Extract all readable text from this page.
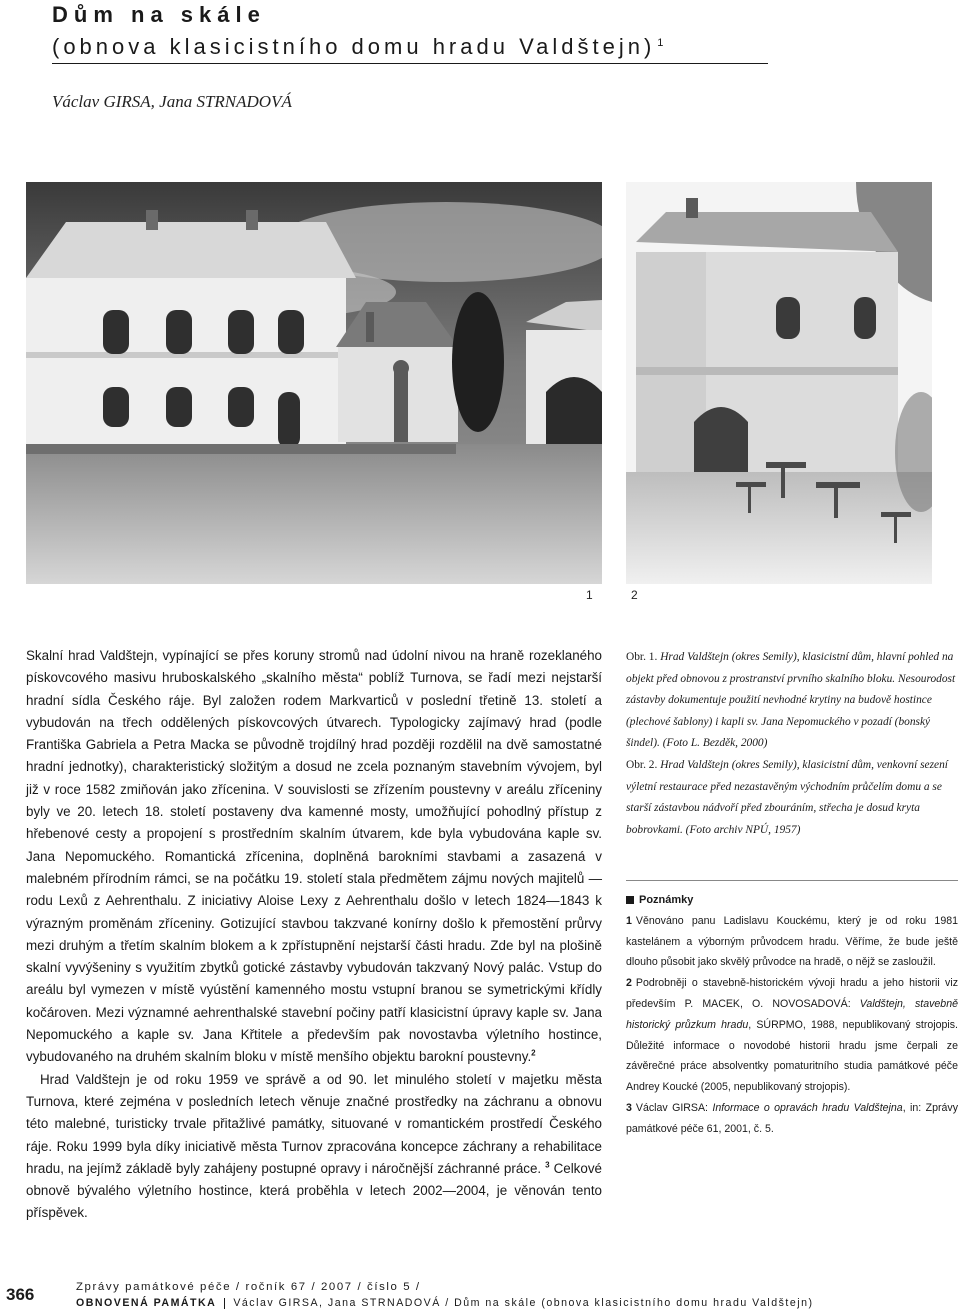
Dům na skále
(obnova klasicistního domu hradu Valdštejn) $^1$
Václav GIRSA, Jana STRNADOVÁ
1	2

Skalní hrad Valdštejn, vypínající se přes koruny stromů nad údolní nivou na hraně rozeklaného pískovcového masivu hruboskalského „skalního města“ poblíž Turnova, se řadí mezi nejstarší hradní sídla Českého ráje. Byl založen rodem Markvarticů v poslední třetině 13. století a vybudován na třech oddělených pískovcových útvarech. Typologicky zajímavý hrad (podle Františka Gabriela a Petra Macka se původně trojdílný hrad později rozdělil na dvě samostatné hradní jednotky), charakteristický složitým a dosud ne zcela poznaným stavebním vývojem, byl již v roce 1582 zmiňován jako zřícenina. V souvislosti se zřízením poustevny v areálu zříceniny byly ve 20. letech 18. století postaveny dva kamenné mosty, umožňující pohodlný přístup z hřebenové cesty a propojení s prostředním skalním útvarem, kde byla vybudována kaple sv. Jana Nepomuckého. Romantická zřícenina, doplněná barokními stavbami a zasazená v malebném přírodním rámci, se na počátku 19. století stala předmětem zájmu nových majitelů — rodu Lexů z Aehrenthalu. Z iniciativy Aloise Lexy z Aehrenthalu došlo v letech 1824—1843 k výrazným proměnám zříceniny. Gotizující stavbou takzvané konírny došlo k přemostění průrvy mezi druhým a třetím skalním blokem a k zpřístupnění nejstarší části hradu. Zde byl na plošině skalní vyvýšeniny s využitím zbytků gotické zástavby vybudován takzvaný Nový palác. Vstup do areálu byl vymezen v místě vyústění kamenného mostu vstupní branou se symetrickými křídly kočároven. Mezi významné aehrenthalské stavební počiny patří klasicistní úpravy kaple sv. Jana Nepomuckého a kaple sv. Jana Křtitele a především pak novostavba výletního hostince, vybudovaného na druhém skalním bloku v místě menšího objektu barokní poustevny.$^2$

Hrad Valdštejn je od roku 1959 ve správě a od 90. let minulého století v majetku města Turnova, které zejména v posledních letech věnuje značné prostředky na záchranu a obnovu této malebné, turisticky trvale přitažlivé památky, situované v romantickém prostředí Českého ráje. Roku 1999 byla díky iniciativě města Turnov zpracována koncepce záchrany a rehabilitace hradu, na jejímž základě byly zahájeny postupné opravy i náročnější záchranné práce. $^3$ Celkové obnově bývalého výletního hostince, která proběhla v letech 2002—2004, je věnován tento příspěvek.

Obr. 1. Hrad Valdštejn (okres Semily), klasicistní dům, hlavní pohled na objekt před obnovou z prostranství prvního skalního bloku. Nesourodost zástavby dokumentuje použití nevhodné krytiny na budově hostince (plechové šablony) i kapli sv. Jana Nepomuckého v pozadí (bonský šindel). (Foto L. Bezděk, 2000)

Obr. 2. Hrad Valdštejn (okres Semily), klasicistní dům, venkovní sezení výletní restaurace před nezastavěným východním průčelím domu a se starší zástavbou nádvoří před zbouráním, střecha je dosud kryta bobrovkami. (Foto archiv NPÚ, 1957)

Poznámky

1 Věnováno panu Ladislavu Kouckému, který je od roku 1981 kastelánem a výborným průvodcem hradu. Věříme, že bude ještě dlouho působit jako skvělý průvodce na hradě, o nějž se zasloužil.

2 Podrobněji o stavebně-historickém vývoji hradu a jeho historii viz především P. MACEK, O. NOVOSADOVÁ: Valdštejn, stavebně historický průzkum hradu, SÚRPMO, 1988, nepublikovaný strojopis. Důležité informace o novodobé historii hradu jsme čerpali ze závěrečné práce absolventky pomaturitního studia památkové péče Andrey Koucké (2005, nepublikovaný strojopis).

3 Václav GIRSA: Informace o opravách hradu Valdštejna, in: Zprávy památkové péče 61, 2001, č. 5.

366	Zprávy památkové péče / ročník 67 / 2007 / číslo 5 /
OBNOVENÁ PAMÁTKA Václav GIRSA, Jana STRNADOVÁ / Dům na skále (obnova klasicistního domu hradu Valdštejn)
